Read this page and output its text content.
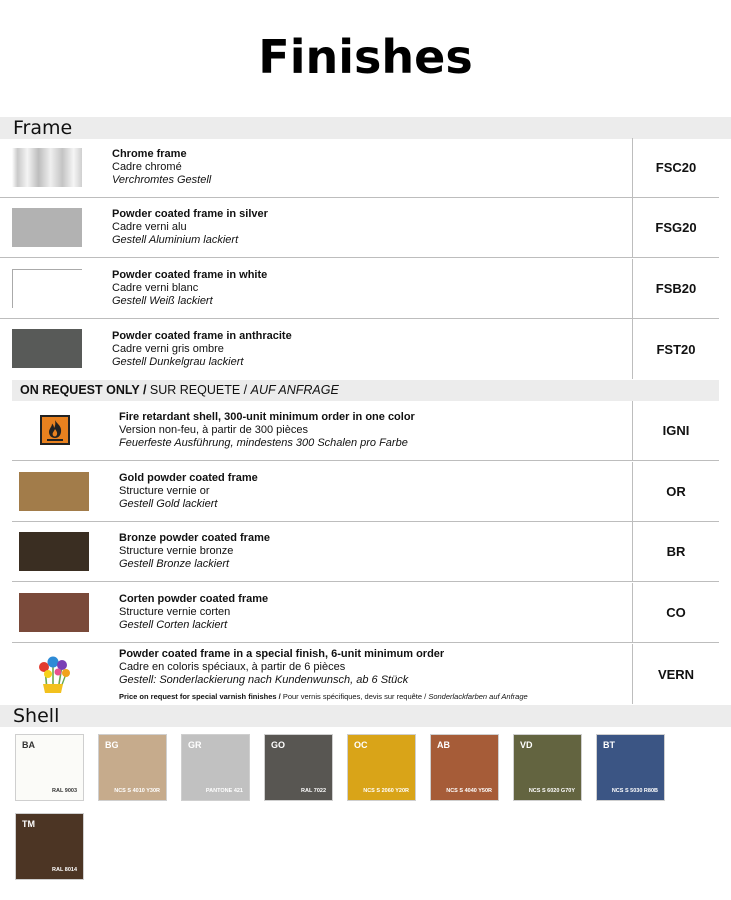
Finishes
Frame
Chrome frame
Cadre chromé
Verchromtes Gestell
FSC20
Powder coated frame in silver
Cadre verni alu
Gestell Aluminium lackiert
FSG20
Powder coated frame in white
Cadre verni blanc
Gestell Weiß lackiert
FSB20
Powder coated frame in anthracite
Cadre verni gris ombre
Gestell Dunkelgrau lackiert
FST20
ON REQUEST ONLY / SUR REQUETE / AUF ANFRAGE
Fire retardant shell, 300-unit minimum order in one color
Version non-feu, à partir de 300 pièces
Feuerfeste Ausführung, mindestens 300 Schalen pro Farbe
IGNI
Gold powder coated frame
Structure vernie or
Gestell Gold lackiert
OR
Bronze powder coated frame
Structure vernie bronze
Gestell Bronze lackiert
BR
Corten powder coated frame
Structure vernie corten
Gestell Corten lackiert
CO
Powder coated frame in a special finish, 6-unit minimum order
Cadre en coloris spéciaux, à partir de 6 pièces
Gestell: Sonderlackierung nach Kundenwunsch, ab 6 Stück
Price on request for special varnish finishes / Pour vernis spécifiques, devis sur requête / Sonderlackfarben auf Anfrage
VERN
Shell
BA
RAL 9003
BG
NCS S 4010 Y30R
GR
PANTONE 421
GO
RAL 7022
OC
NCS S 2060 Y20R
AB
NCS S 4040 Y50R
VD
NCS S 6020 G70Y
BT
NCS S 5030 R80B
TM
RAL 8014
